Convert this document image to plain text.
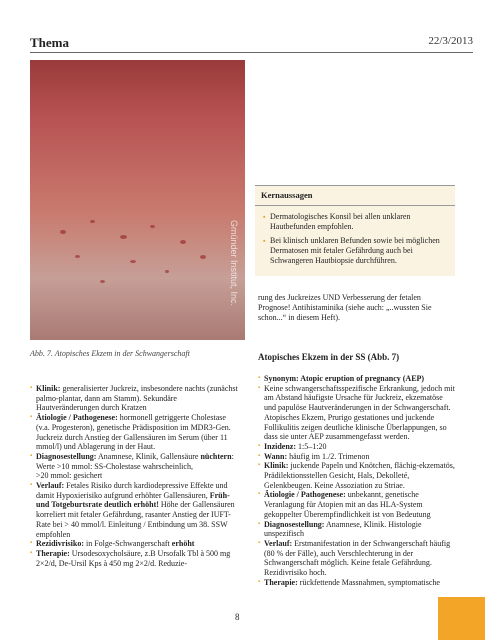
Thema	22/3/2013
Gmünder Institut, Inc.
Abb. 7. Atopisches Ekzem in der Schwangerschaft
Kernaussagen
▪ Dermatologisches Konsil bei allen unklaren Hautbefunden empfohlen.
▪ Bei klinisch unklaren Befunden sowie bei möglichen Dermatosen mit fetaler Gefährdung auch bei Schwangeren Hautbiopsie durchführen.
rung des Juckreizes UND Verbesserung der fetalen Prognose! Antihistaminika (siehe auch: „..wussten Sie schon...“ in diesem Heft).
Atopisches Ekzem in der SS (Abb. 7)
▪ Klinik: generalisierter Juckreiz, insbesondere nachts (zunächst palmo-plantar, dann am Stamm). Sekundäre Hautveränderungen durch Kratzen
▪ Ätiologie / Pathogenese: hormonell getriggerte Cholestase (v.a. Progesteron), genetische Prädisposition im MDR3-Gen. Juckreiz durch Anstieg der Gallensäuren im Serum (über 11 mmol/l) und Ablagerung in der Haut.
▪ Diagnosestellung: Anamnese, Klinik, Gallensäure nüchtern:
Werte >10 mmol: SS-Cholestase wahrscheinlich,
>20 mmol: gesichert
▪ Verlauf: Fetales Risiko durch kardiodepressive Effekte und damit Hypoxierisiko aufgrund erhöhter Gallensäuren, Früh- und Totgeburtsrate deutlich erhöht! Höhe der Gallensäuren korreliert mit fetaler Gefährdung, rasanter Anstieg der IUFT-Rate bei > 40 mmol/l. Einleitung / Entbindung um 38. SSW empfohlen
▪ Rezidivrisiko: in Folge-Schwangerschaft erhöht
▪ Therapie: Ursodesoxycholsäure, z.B Ursofalk Tbl à 500 mg 2×2/d, De-Ursil Kps à 450 mg 2×2/d. Reduzie-
▪ Synonym: Atopic eruption of pregnancy (AEP)
▪ Keine schwangerschaftsspezifische Erkrankung, jedoch mit am Abstand häufigste Ursache für Juckreiz, ekzematöse und papulöse Hautveränderungen in der Schwangerschaft. Atopisches Ekzem, Prurigo gestationes und juckende Follikulitis zeigen deutliche klinische Überlappungen, so dass sie unter AEP zusammengefasst werden.
▪ Inzidenz: 1:5–1:20
▪ Wann: häufig im 1./2. Trimenon
▪ Klinik: juckende Papeln und Knötchen, flächig-ekzematös, Prädilektionsstellen Gesicht, Hals, Dekolleté, Gelenkbeugen. Keine Assoziation zu Striae.
▪ Ätiologie / Pathogenese: unbekannt, genetische Veranlagung für Atopien mit an das HLA-System gekoppelter Überempfindlichkeit ist von Bedeutung
▪ Diagnosestellung: Anamnese, Klinik. Histologie unspezifisch
▪ Verlauf: Erstmanifestation in der Schwangerschaft häufig (80 % der Fälle), auch Verschlechterung in der Schwangerschaft möglich. Keine fetale Gefährdung. Rezidivrisiko hoch.
▪ Therapie: rückfettende Massnahmen, symptomatische
8
